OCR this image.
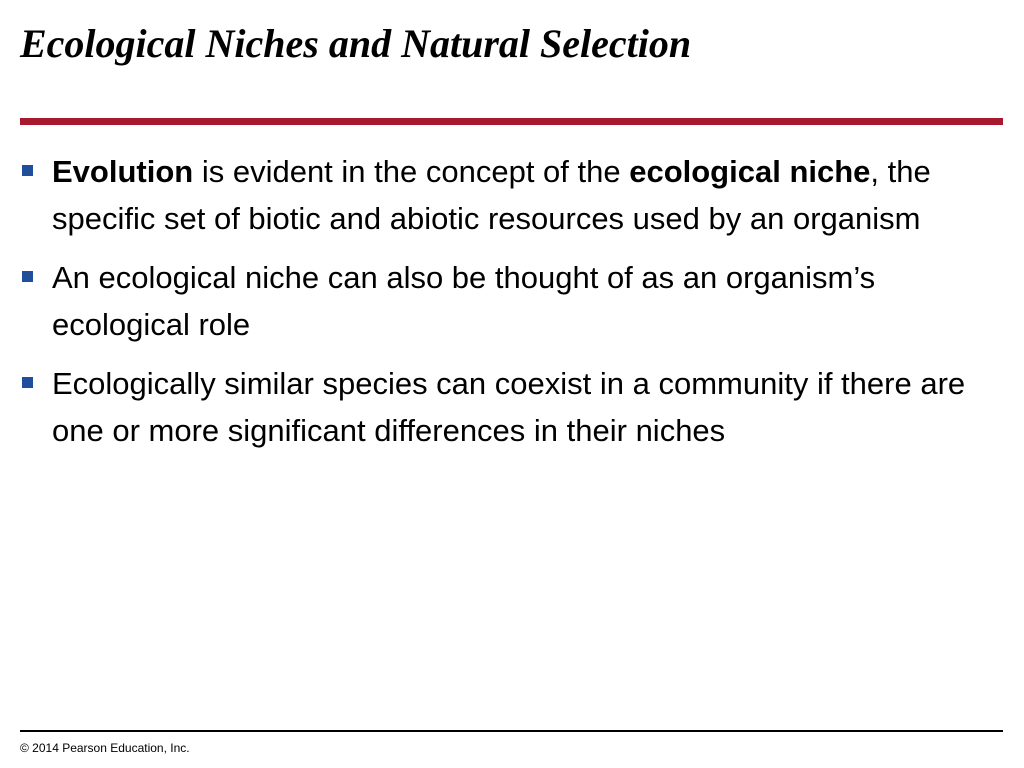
Ecological Niches and Natural Selection
Evolution is evident in the concept of the ecological niche, the specific set of biotic and abiotic resources used by an organism
An ecological niche can also be thought of as an organism’s ecological role
Ecologically similar species can coexist in a community if there are one or more significant differences in their niches
© 2014 Pearson Education, Inc.
